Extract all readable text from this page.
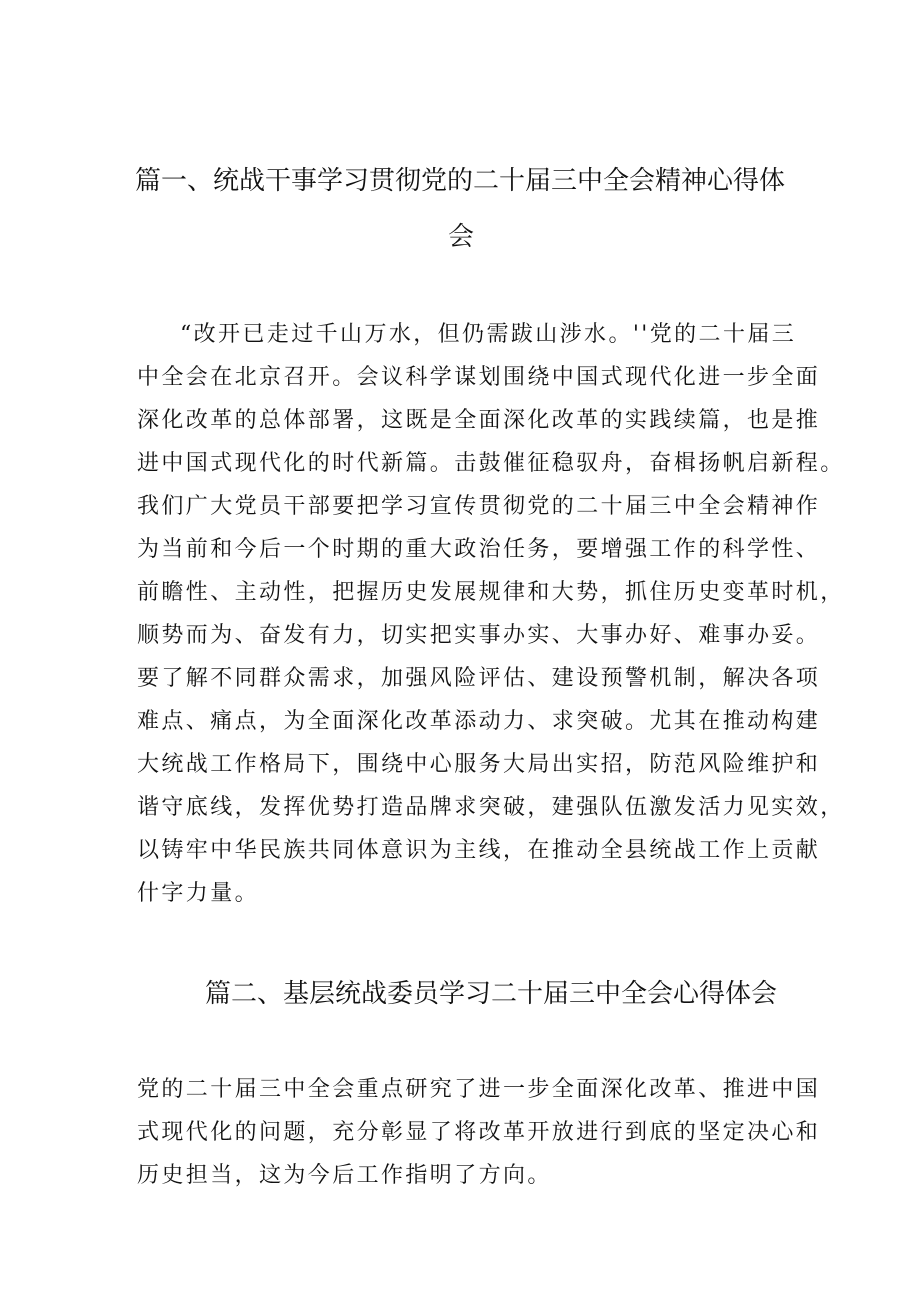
篇一、统战干事学习贯彻党的二十届三中全会精神心得体
会
“改开已走过千山万水，但仍需跋山涉水。''党的二十届三
中全会在北京召开。会议科学谋划围绕中国式现代化进一步全面
深化改革的总体部署，这既是全面深化改革的实践续篇，也是推
进中国式现代化的时代新篇。击鼓催征稳驭舟，奋楫扬帆启新程。
我们广大党员干部要把学习宣传贯彻党的二十届三中全会精神作
为当前和今后一个时期的重大政治任务，要增强工作的科学性、
前瞻性、主动性，把握历史发展规律和大势，抓住历史变革时机，
顺势而为、奋发有力，切实把实事办实、大事办好、难事办妥。
要了解不同群众需求，加强风险评估、建设预警机制，解决各项
难点、痛点，为全面深化改革添动力、求突破。尤其在推动构建
大统战工作格局下，围绕中心服务大局出实招，防范风险维护和
谐守底线，发挥优势打造品牌求突破，建强队伍激发活力见实效，
以铸牢中华民族共同体意识为主线，在推动全县统战工作上贡献
什字力量。
篇二、基层统战委员学习二十届三中全会心得体会
党的二十届三中全会重点研究了进一步全面深化改革、推进中国
式现代化的问题，充分彰显了将改革开放进行到底的坚定决心和
历史担当，这为今后工作指明了方向。
